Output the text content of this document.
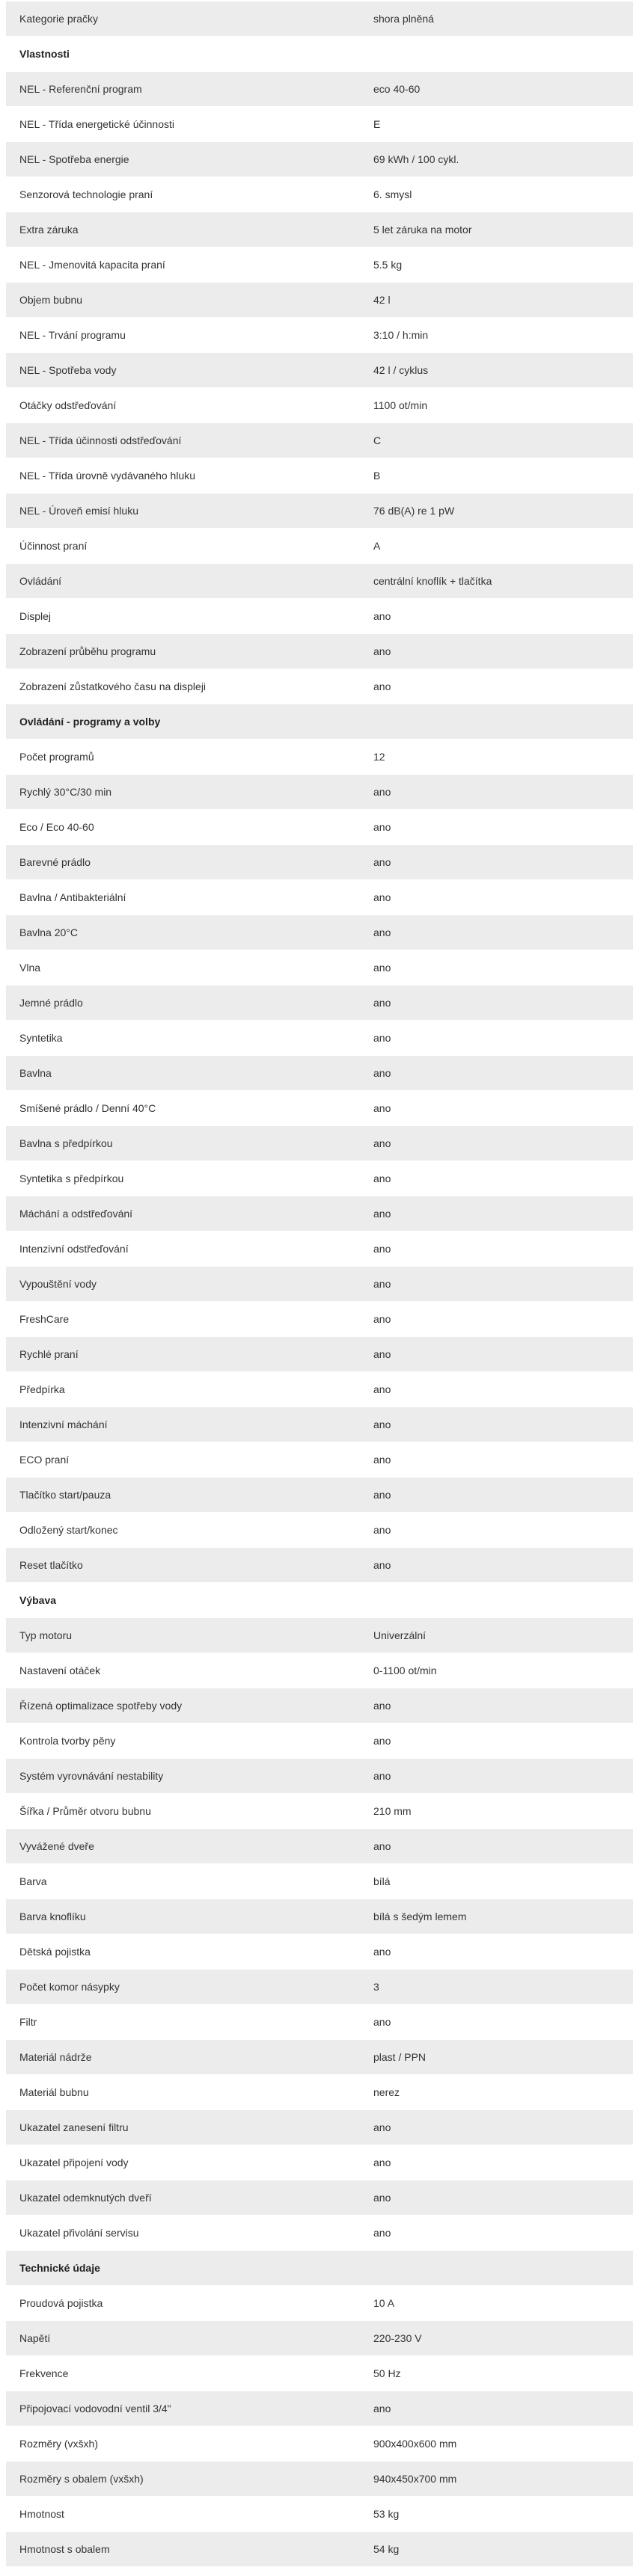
Kategorie pračky	shora plněná
Vlastnosti
NEL - Referenční program	eco 40-60
NEL - Třída energetické účinnosti	E
NEL - Spotřeba energie	69 kWh / 100 cykl.
Senzorová technologie praní	6. smysl
Extra záruka	5 let záruka na motor
NEL - Jmenovitá kapacita praní	5.5 kg
Objem bubnu	42 l
NEL - Trvání programu	3:10 / h:min
NEL - Spotřeba vody	42 l / cyklus
Otáčky odstřeďování	1100 ot/min
NEL - Třída účinnosti odstřeďování	C
NEL - Třída úrovně vydávaného hluku	B
NEL - Úroveň emisí hluku	76 dB(A) re 1 pW
Účinnost praní	A
Ovládání	centrální knoflík + tlačítka
Displej	ano
Zobrazení průběhu programu	ano
Zobrazení zůstatkového času na displeji	ano
Ovládání - programy a volby
Počet programů	12
Rychlý 30°C/30 min	ano
Eco / Eco 40-60	ano
Barevné prádlo	ano
Bavlna / Antibakteriální	ano
Bavlna 20°C	ano
Vlna	ano
Jemné prádlo	ano
Syntetika	ano
Bavlna	ano
Smíšené prádlo / Denní 40°C	ano
Bavlna s předpírkou	ano
Syntetika s předpírkou	ano
Máchání a odstřeďování	ano
Intenzivní odstřeďování	ano
Vypouštění vody	ano
FreshCare	ano
Rychlé praní	ano
Předpírka	ano
Intenzivní máchání	ano
ECO praní	ano
Tlačítko start/pauza	ano
Odložený start/konec	ano
Reset tlačítko	ano
Výbava
Typ motoru	Univerzální
Nastavení otáček	0-1100 ot/min
Řízená optimalizace spotřeby vody	ano
Kontrola tvorby pěny	ano
Systém vyrovnávání nestability	ano
Šířka / Průměr otvoru bubnu	210 mm
Vyvážené dveře	ano
Barva	bílá
Barva knoflíku	bílá s šedým lemem
Dětská pojistka	ano
Počet komor násypky	3
Filtr	ano
Materiál nádrže	plast / PPN
Materiál bubnu	nerez
Ukazatel zanesení filtru	ano
Ukazatel připojení vody	ano
Ukazatel odemknutých dveří	ano
Ukazatel přivolání servisu	ano
Technické údaje
Proudová pojistka	10 A
Napětí	220-230 V
Frekvence	50 Hz
Připojovací vodovodní ventil 3/4"	ano
Rozměry (vxšxh)	900x400x600 mm
Rozměry s obalem (vxšxh)	940x450x700 mm
Hmotnost	53 kg
Hmotnost s obalem	54 kg
